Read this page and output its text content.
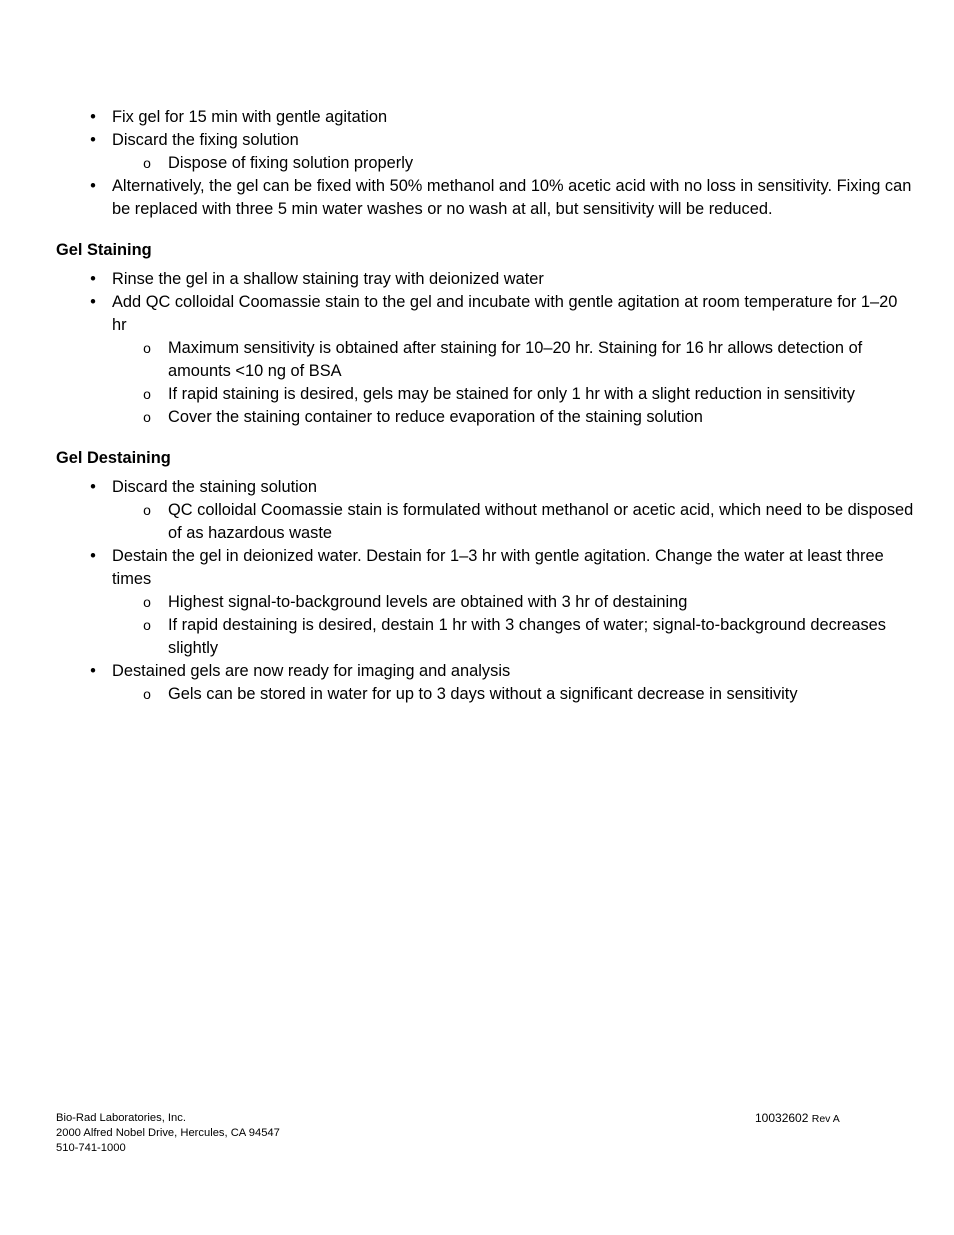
• Fix gel for 15 min with gentle agitation
• Discard the fixing solution
o Dispose of fixing solution properly
• Alternatively, the gel can be fixed with 50% methanol and 10% acetic acid with no loss in sensitivity. Fixing can be replaced with three 5 min water washes or no wash at all, but sensitivity will be reduced.

Gel Staining

• Rinse the gel in a shallow staining tray with deionized water
• Add QC colloidal Coomassie stain to the gel and incubate with gentle agitation at room temperature for 1–20 hr
o Maximum sensitivity is obtained after staining for 10–20 hr. Staining for 16 hr allows detection of amounts <10 ng of BSA
o If rapid staining is desired, gels may be stained for only 1 hr with a slight reduction in sensitivity
o Cover the staining container to reduce evaporation of the staining solution

Gel Destaining

• Discard the staining solution
o QC colloidal Coomassie stain is formulated without methanol or acetic acid, which need to be disposed of as hazardous waste
• Destain the gel in deionized water. Destain for 1–3 hr with gentle agitation. Change the water at least three times
o Highest signal-to-background levels are obtained with 3 hr of destaining
o If rapid destaining is desired, destain 1 hr with 3 changes of water; signal-to-background decreases slightly
• Destained gels are now ready for imaging and analysis
o Gels can be stored in water for up to 3 days without a significant decrease in sensitivity
Bio-Rad Laboratories, Inc.
2000 Alfred Nobel Drive, Hercules, CA 94547
510-741-1000
10032602 Rev A
